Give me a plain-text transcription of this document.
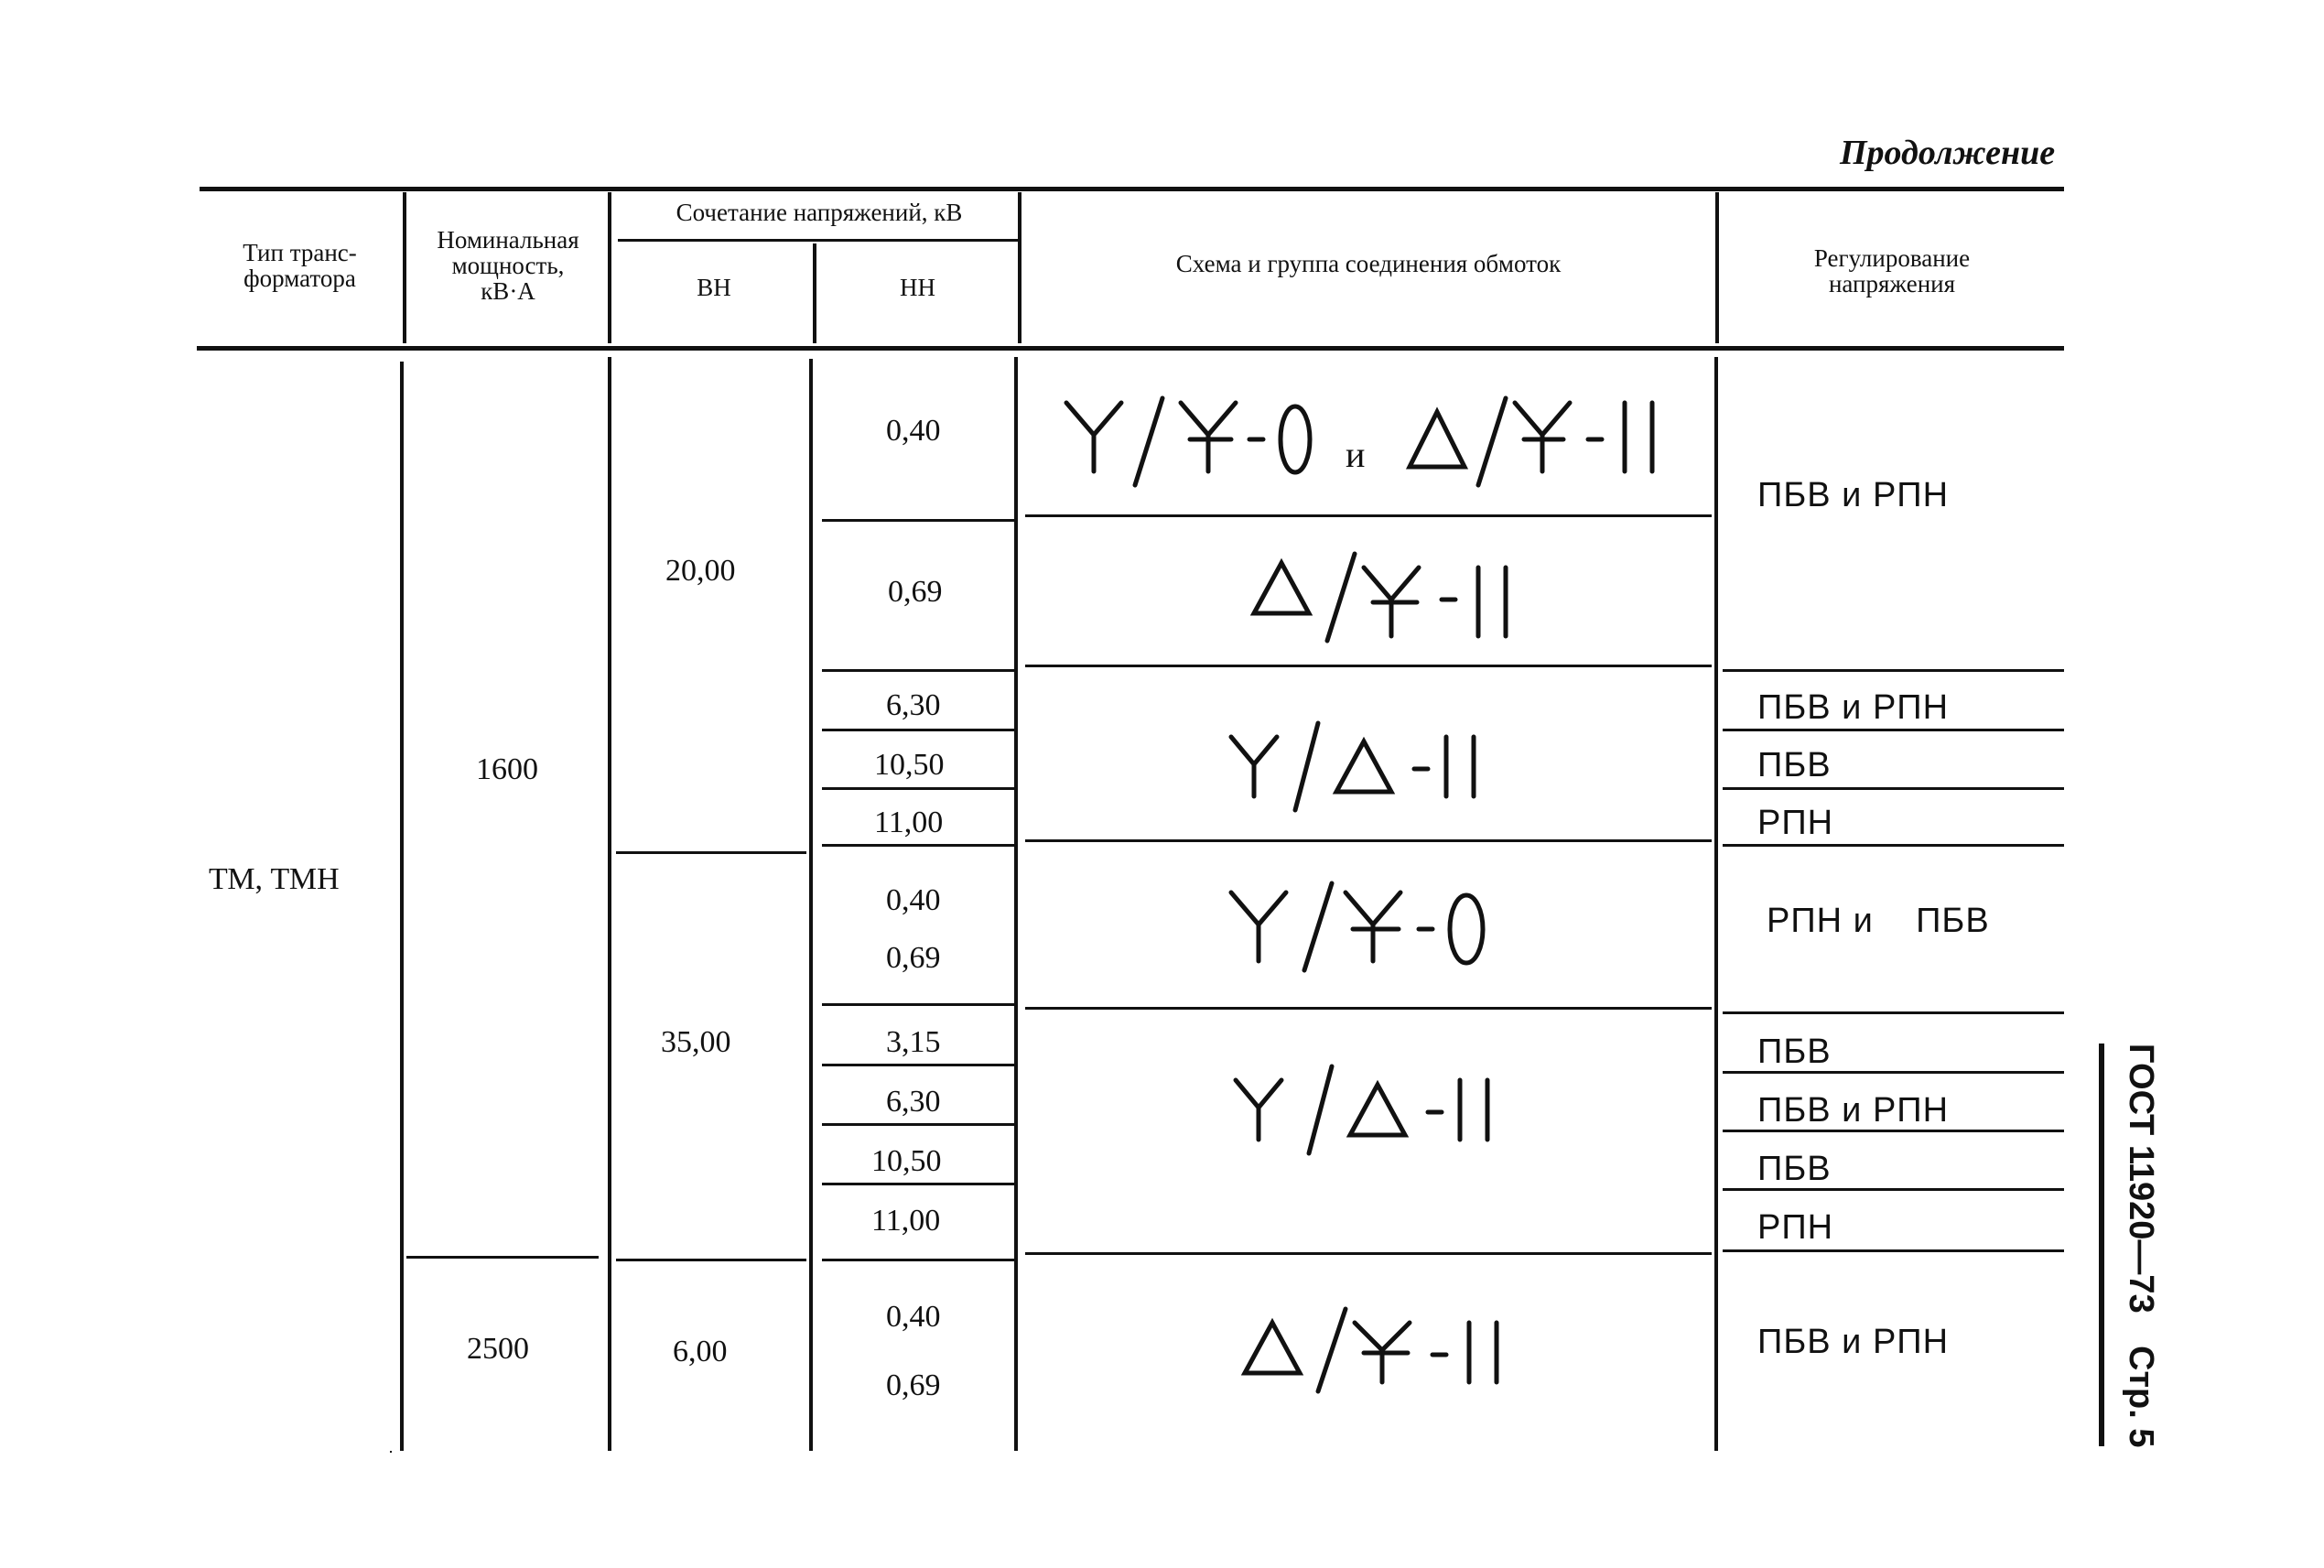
Продолжение
Тип транс-
форматора
Номинальная
мощность,
кВ·А
Сочетание напряжений, кВ
ВН	НН
Схема и группа соединения обмоток	Регулирование
напряжения
ТМ, ТМН
1600
2500
20,00
35,00
6,00
0,40
0,69
6,30
10,50
11,00
0,40
0,69
3,15
6,30
10,50
11,00
0,40
0,69
ПБВ и РПН
ПБВ и РПН
ПБВ
РПН
РПН и    ПБВ
ПБВ
ПБВ и РПН
ПБВ
РПН
ПБВ и РПН
и
ГОСТ 11920—73
Стр. 5
